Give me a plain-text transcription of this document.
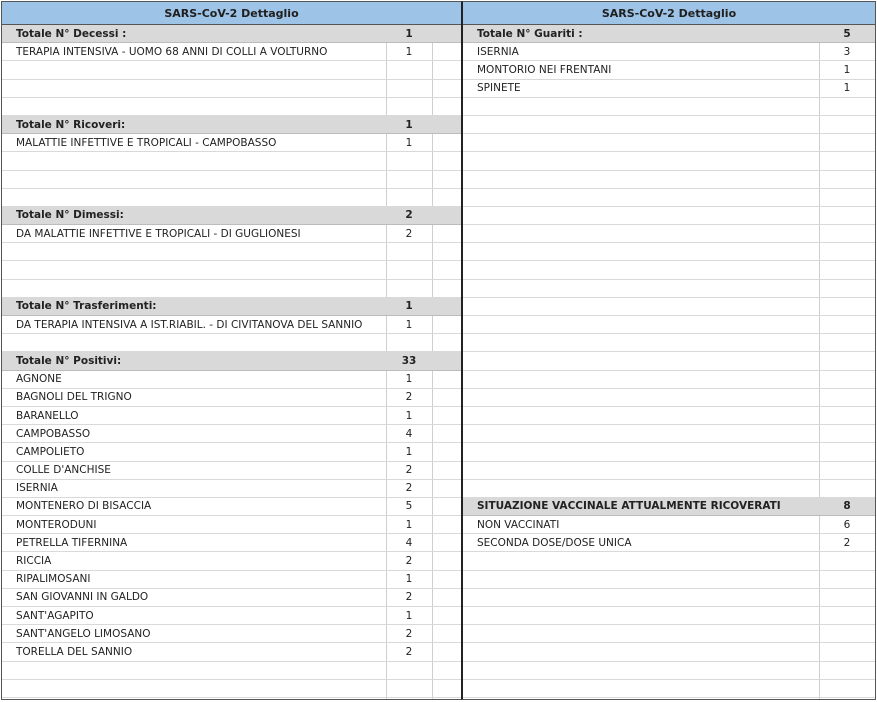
SARS-CoV-2 Dettaglio
Totale N° Decessi :	1
TERAPIA INTENSIVA - UOMO 68 ANNI DI COLLI A VOLTURNO	1
Totale N° Ricoveri:	1
MALATTIE INFETTIVE E TROPICALI - CAMPOBASSO	1
Totale N° Dimessi:	2
DA MALATTIE INFETTIVE E TROPICALI - DI GUGLIONESI	2
Totale N° Trasferimenti:	1
DA TERAPIA INTENSIVA A IST.RIABIL. - DI CIVITANOVA DEL SANNIO	1
Totale N° Positivi:	33
AGNONE	1
BAGNOLI DEL TRIGNO	2
BARANELLO	1
CAMPOBASSO	4
CAMPOLIETO	1
COLLE D'ANCHISE	2
ISERNIA	2
MONTENERO DI BISACCIA	5
MONTERODUNI	1
PETRELLA TIFERNINA	4
RICCIA	2
RIPALIMOSANI	1
SAN GIOVANNI IN GALDO	2
SANT'AGAPITO	1
SANT'ANGELO LIMOSANO	2
TORELLA DEL SANNIO	2
SARS-CoV-2 Dettaglio
Totale N° Guariti :	5
ISERNIA	3
MONTORIO NEI FRENTANI	1
SPINETE	1
SITUAZIONE VACCINALE ATTUALMENTE RICOVERATI	8
NON VACCINATI	6
SECONDA DOSE/DOSE UNICA	2
